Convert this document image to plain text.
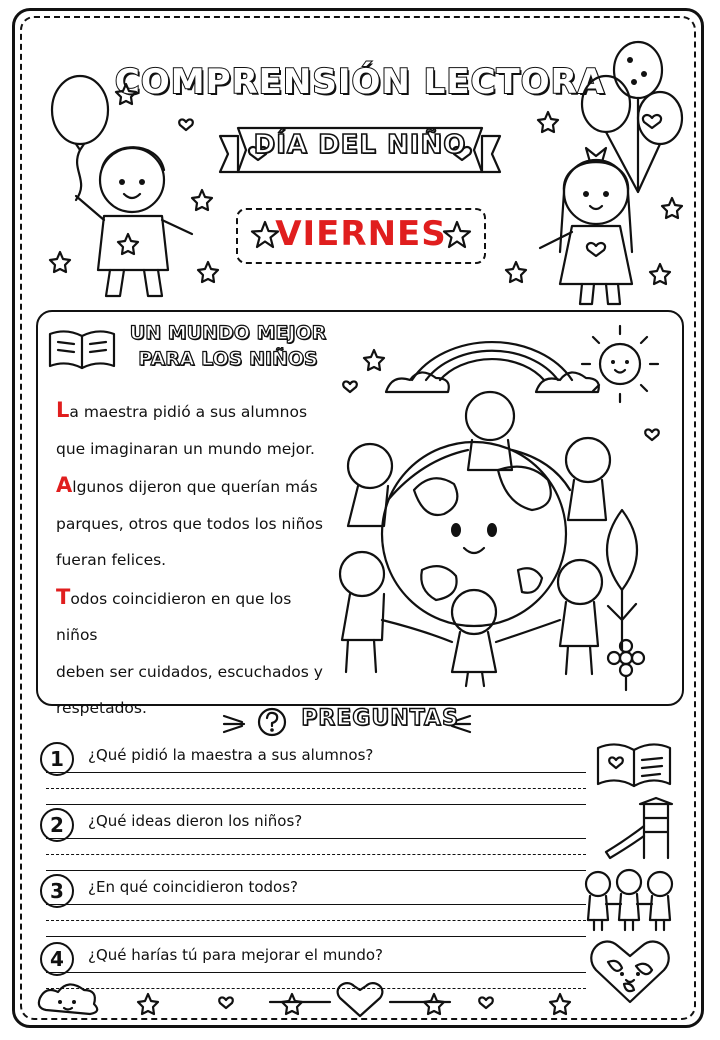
COMPRENSIÓN LECTORA
DÍA DEL NIÑO
VIERNES
UN MUNDO MEJOR
PARA LOS NIÑOS
La maestra pidió a sus alumnos
que imaginaran un mundo mejor.
Algunos dijeron que querían más
parques, otros que todos los niños
fueran felices.
Todos coincidieron en que los niños
deben ser cuidados, escuchados y
respetados.	PREGUNTAS
1	¿Qué pidió la maestra a sus alumnos?
2	¿Qué ideas dieron los niños?
3	¿En qué coincidieron todos?
4	¿Qué harías tú para mejorar el mundo?
